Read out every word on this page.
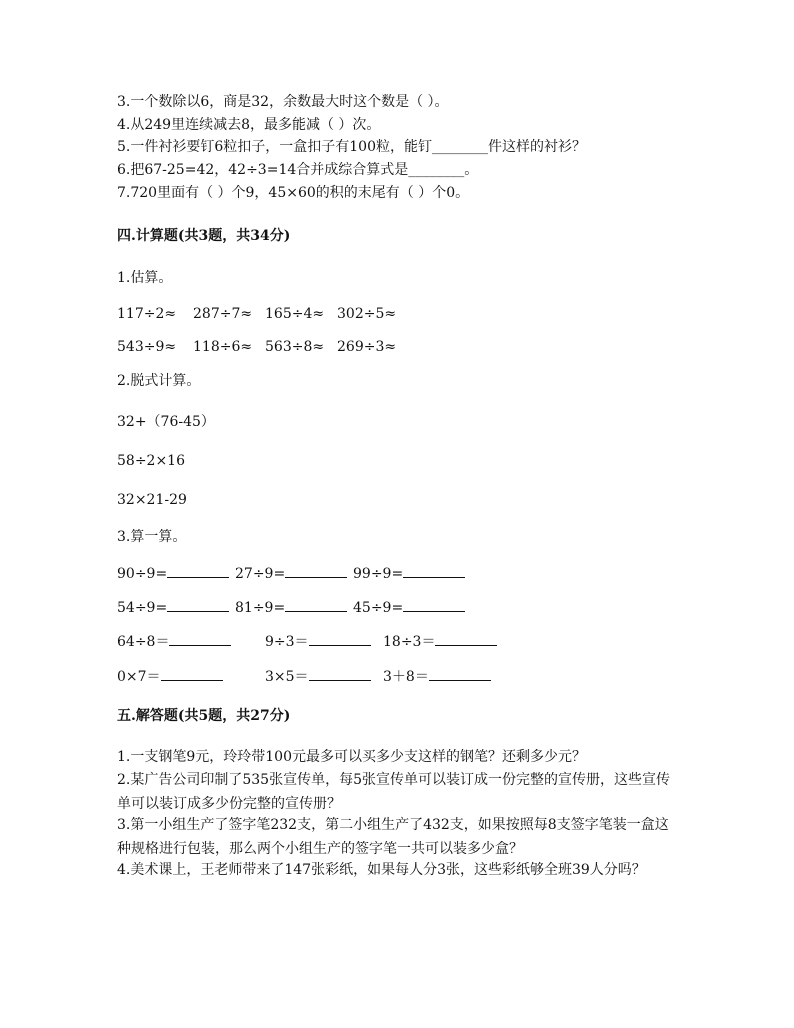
3.一个数除以6，商是32，余数最大时这个数是（ ）。
4.从249里连续减去8，最多能减（ ）次。
5.一件衬衫要钉6粒扣子，一盒扣子有100粒，能钉________件这样的衬衫？
6.把67-25=42，42÷3=14合并成综合算式是________。
7.720里面有（ ）个9，45×60的积的末尾有（ ）个0。
四.计算题(共3题，共34分)
1.估算。
117÷2≈ 287÷7≈ 165÷4≈ 302÷5≈
543÷9≈ 118÷6≈ 563÷8≈ 269÷3≈
2.脱式计算。
32+（76-45）
58÷2×16
32×21-29
3.算一算。
90÷9=	27÷9=	99÷9=
54÷9=	81÷9=	45÷9=
64÷8＝	9÷3＝	18÷3＝
0×7＝	3×5＝	3＋8＝
五.解答题(共5题，共27分)
1.一支钢笔9元，玲玲带100元最多可以买多少支这样的钢笔？还剩多少元？
2.某广告公司印制了535张宣传单，每5张宣传单可以装订成一份完整的宣传册，这些宣传单可以装订成多少份完整的宣传册？
3.第一小组生产了签字笔232支，第二小组生产了432支，如果按照每8支签字笔装一盒这种规格进行包装，那么两个小组生产的签字笔一共可以装多少盒？
4.美术课上，王老师带来了147张彩纸，如果每人分3张，这些彩纸够全班39人分吗？
